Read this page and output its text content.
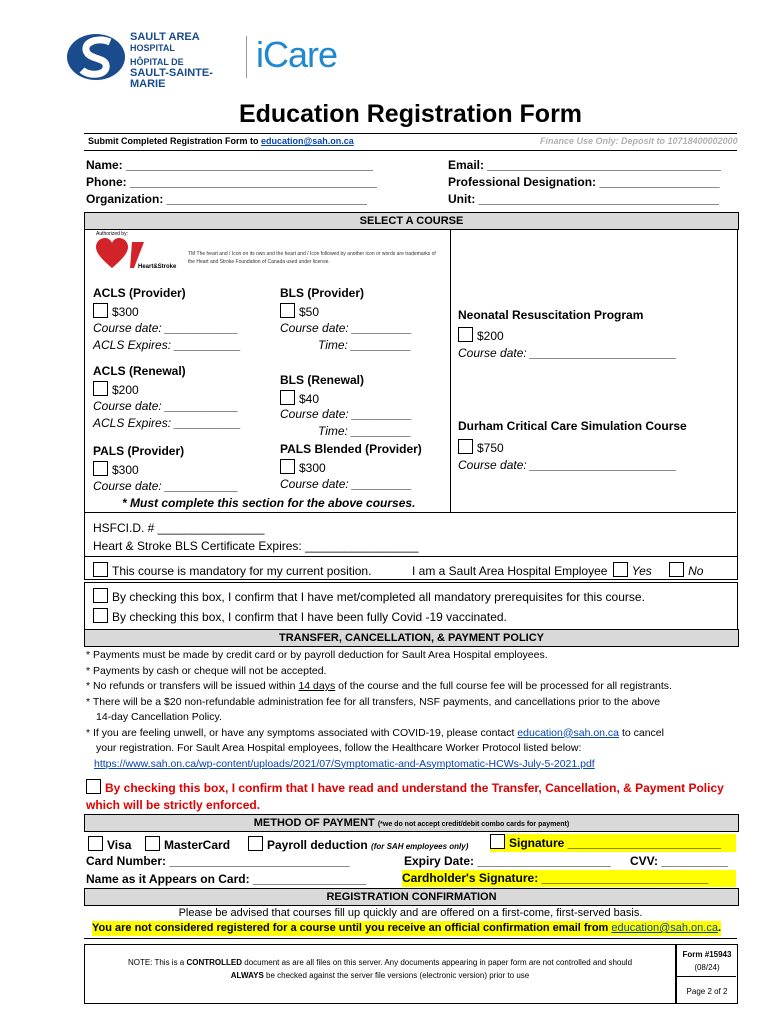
SAULT AREA
HOSPITAL
HÔPITAL DE
SAULT-SAINTE-MARIE
iCare
Education Registration Form
Submit Completed Registration Form to education@sah.on.ca	Finance Use Only: Deposit to 10718400002000
Name: _____________________________________
Phone: _____________________________________
Organization: ______________________________
Email: ___________________________________
Professional Designation: __________________
Unit: ____________________________________
SELECT A COURSE
Authorized by:
Heart&Stroke
TM The heart and / Icon on its own and the heart and / Icon followed by another icon or words are trademarks of the Heart and Stroke Foundation of Canada used under license.
ACLS (Provider)
$300
Course date: ___________
ACLS Expires: __________
ACLS (Renewal)
$200
Course date: ___________
ACLS Expires: __________
PALS (Provider)
$300
Course date: ___________
BLS (Provider)
$50
Course date: _________
Time: _________
BLS (Renewal)
$40
Course date: _________
Time: _________
PALS Blended (Provider)
$300
Course date: _________
Neonatal Resuscitation Program
$200
Course date: ______________________
Durham Critical Care Simulation Course
$750
Course date: ______________________
* Must complete this section for the above courses.
HSFCI.D. # ________________
Heart & Stroke BLS Certificate Expires: _________________
This course is mandatory for my current position.	I am a Sault Area Hospital Employee Yes	No
By checking this box, I confirm that I have met/completed all mandatory prerequisites for this course.
By checking this box, I confirm that I have been fully Covid -19 vaccinated.
TRANSFER, CANCELLATION, & PAYMENT POLICY
* Payments must be made by credit card or by payroll deduction for Sault Area Hospital employees.
* Payments by cash or cheque will not be accepted.
* No refunds or transfers will be issued within 14 days of the course and the full course fee will be processed for all registrants.
* There will be a $20 non-refundable administration fee for all transfers, NSF payments, and cancellations prior to the above
14-day Cancellation Policy.
* If you are feeling unwell, or have any symptoms associated with COVID-19, please contact education@sah.on.ca to cancel
your registration. For Sault Area Hospital employees, follow the Healthcare Worker Protocol listed below:
https://www.sah.on.ca/wp-content/uploads/2021/07/Symptomatic-and-Asymptomatic-HCWs-July-5-2021.pdf
By checking this box, I confirm that I have read and understand the Transfer, Cancellation, & Payment Policy
which will be strictly enforced.
METHOD OF PAYMENT (*we do not accept credit/debit combo cards for payment)
Visa	MasterCard	Payroll deduction (for SAH employees only)	Signature _______________________
Card Number: ___________________________	Expiry Date: ____________________ CVV: __________
Name as it Appears on Card: _________________	Cardholder's Signature: _________________________
REGISTRATION CONFIRMATION
Please be advised that courses fill up quickly and are offered on a first-come, first-served basis.
You are not considered registered for a course until you receive an official confirmation email from education@sah.on.ca.
NOTE: This is a CONTROLLED document as are all files on this server. Any documents appearing in paper form are not controlled and should
ALWAYS be checked against the server file versions (electronic version) prior to use
Form #15943
(08/24)
Page 2 of 2
